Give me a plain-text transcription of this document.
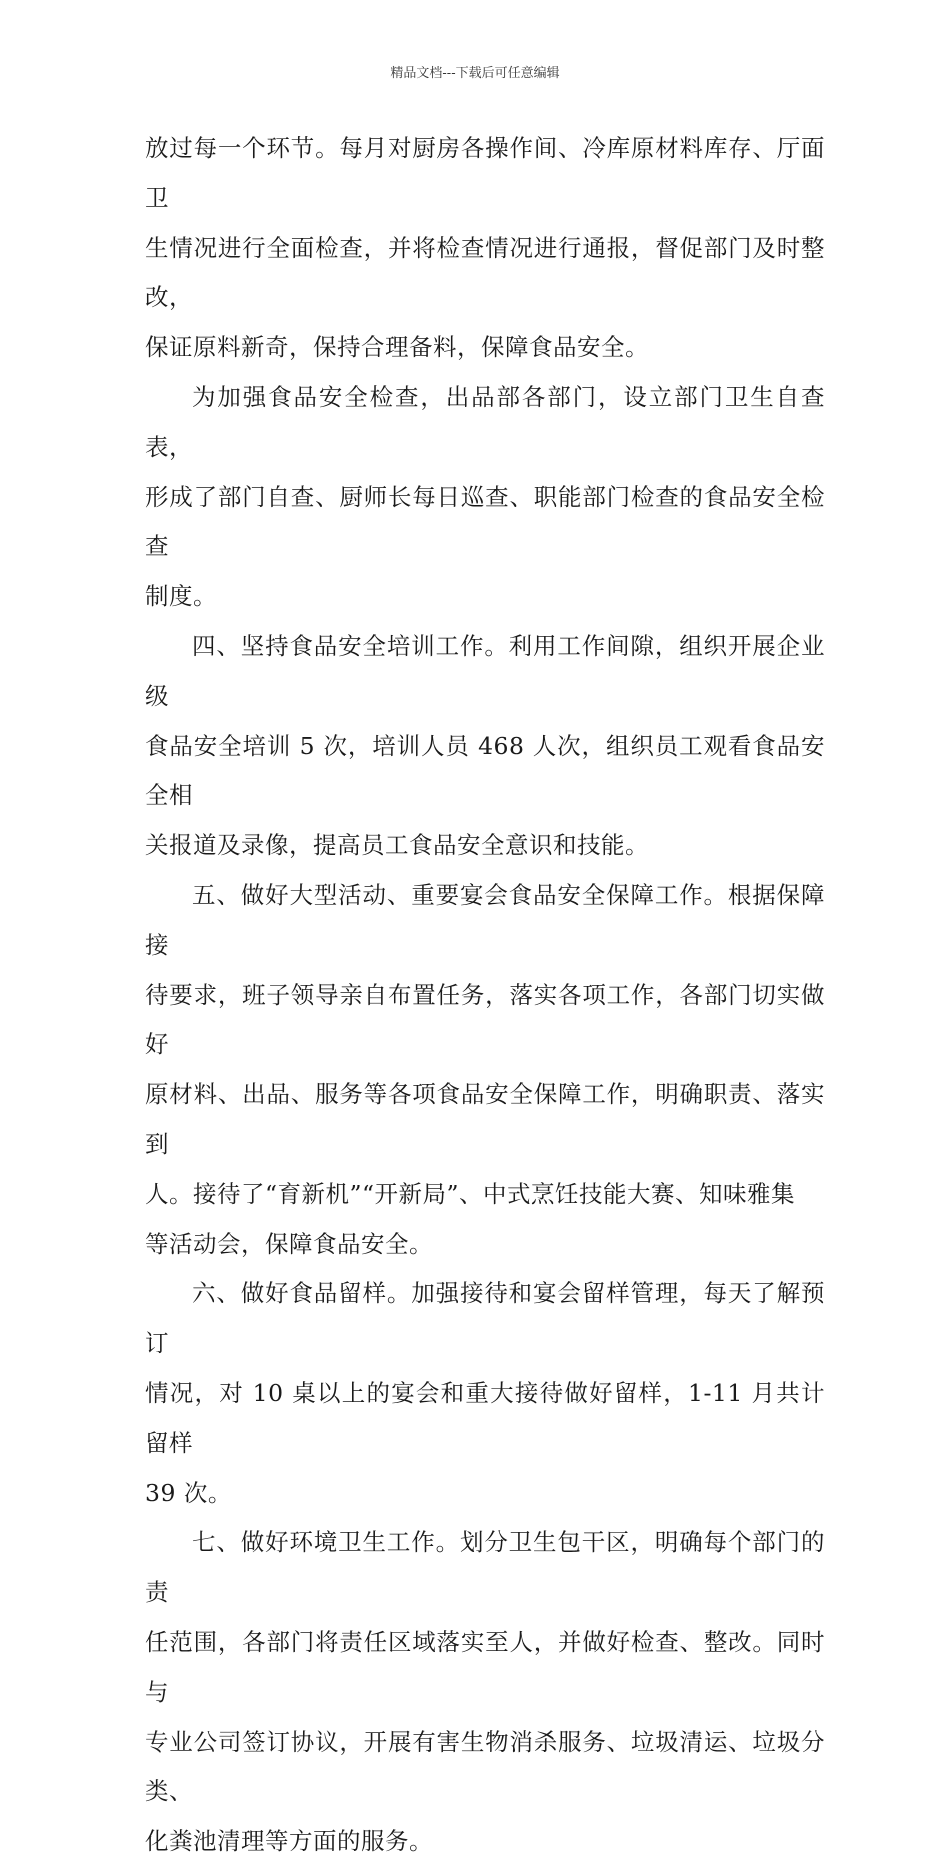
精品文档---下载后可任意编辑

放过每一个环节。每月对厨房各操作间、冷库原材料库存、厅面卫
生情况进行全面检查，并将检查情况进行通报，督促部门及时整改，
保证原料新奇，保持合理备料，保障食品安全。

为加强食品安全检查，出品部各部门，设立部门卫生自查表，
形成了部门自查、厨师长每日巡查、职能部门检查的食品安全检查
制度。

四、坚持食品安全培训工作。利用工作间隙，组织开展企业级
食品安全培训 5 次，培训人员 468 人次，组织员工观看食品安全相
关报道及录像，提高员工食品安全意识和技能。

五、做好大型活动、重要宴会食品安全保障工作。根据保障接
待要求，班子领导亲自布置任务，落实各项工作，各部门切实做好
原材料、出品、服务等各项食品安全保障工作，明确职责、落实到
人。接待了“育新机”“开新局”、中式烹饪技能大赛、知味雅集
等活动会，保障食品安全。

六、做好食品留样。加强接待和宴会留样管理，每天了解预订
情况，对 10 桌以上的宴会和重大接待做好留样，1-11 月共计留样
39 次。

七、做好环境卫生工作。划分卫生包干区，明确每个部门的责
任范围，各部门将责任区域落实至人，并做好检查、整改。同时与
专业公司签订协议，开展有害生物消杀服务、垃圾清运、垃圾分类、
化粪池清理等方面的服务。
